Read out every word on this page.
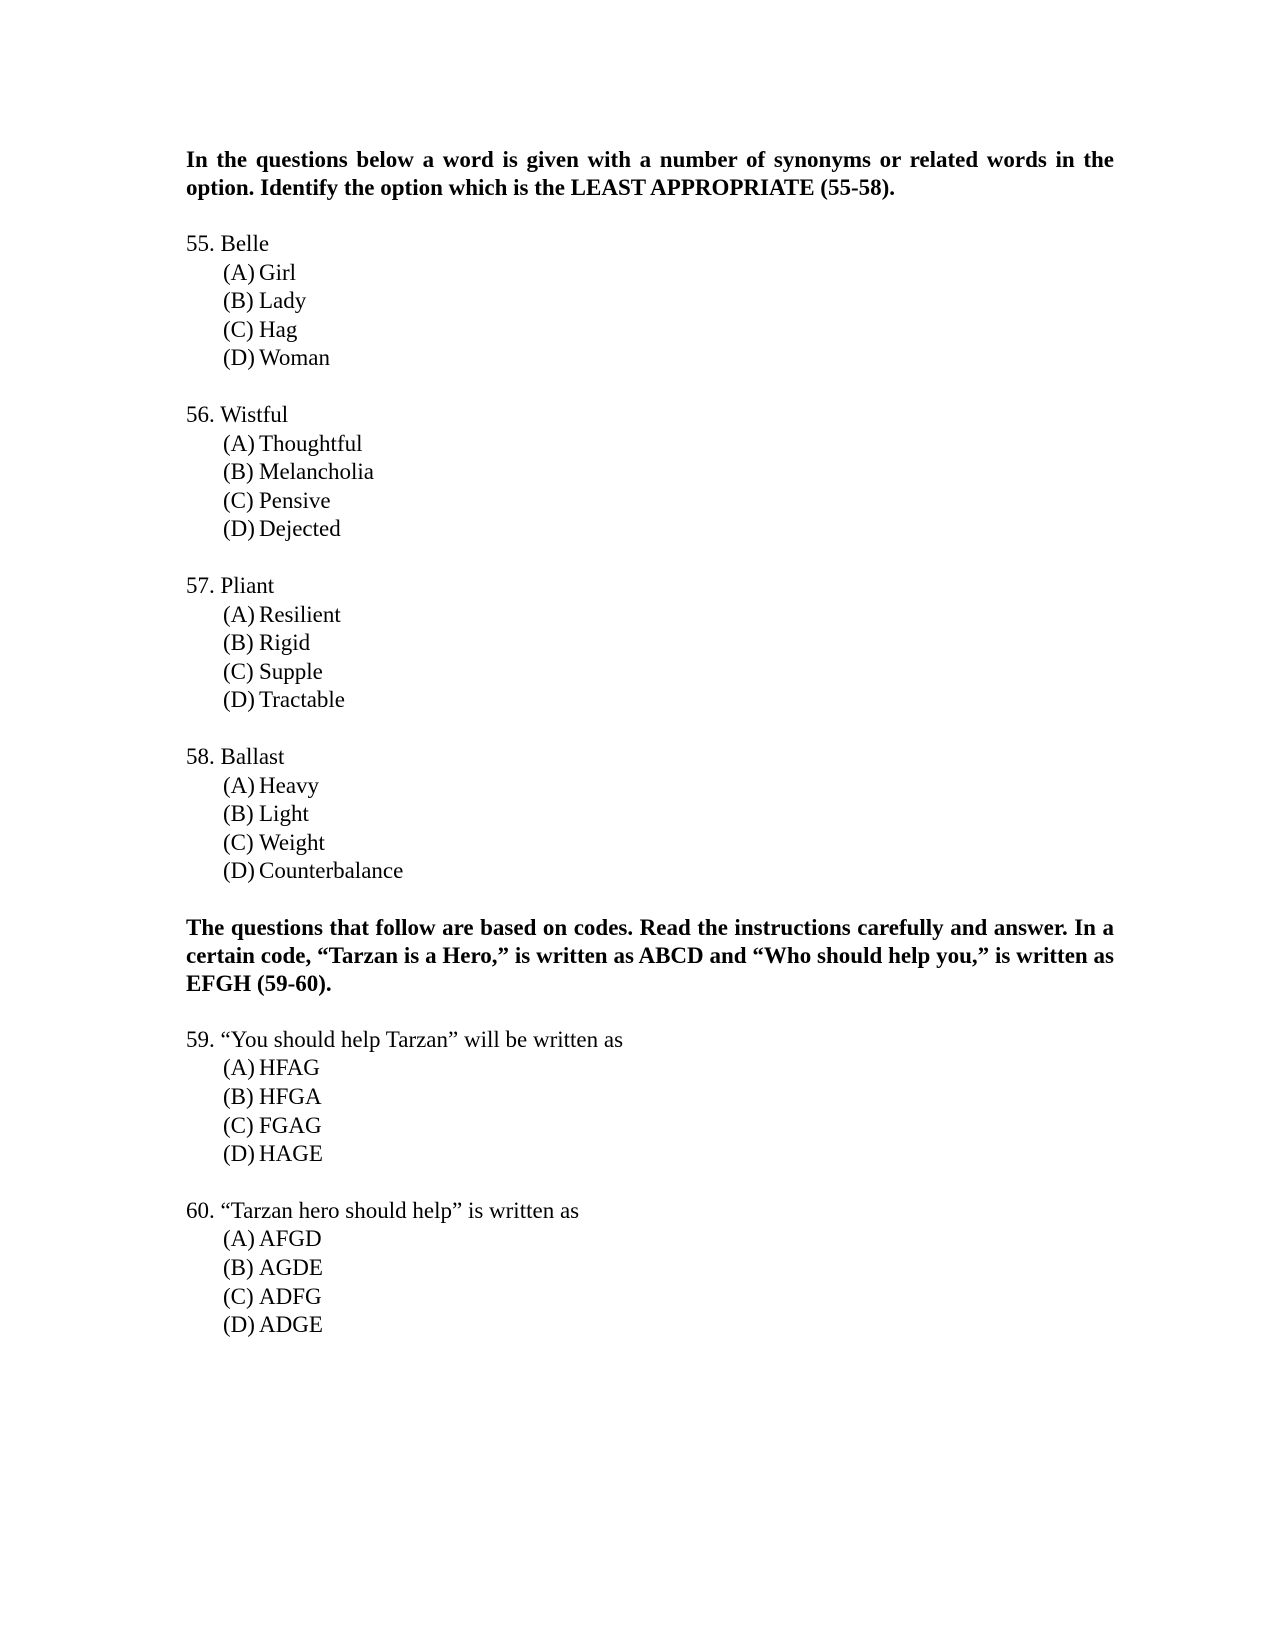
In the questions below a word is given with a number of synonyms or related words in the option. Identify the option which is the LEAST APPROPRIATE (55-58).

55. Belle
(A) Girl
(B) Lady
(C) Hag
(D) Woman
56. Wistful
(A) Thoughtful
(B) Melancholia
(C) Pensive
(D) Dejected
57. Pliant
(A) Resilient
(B) Rigid
(C) Supple
(D) Tractable
58. Ballast
(A) Heavy
(B) Light
(C) Weight
(D) Counterbalance

The questions that follow are based on codes. Read the instructions carefully and answer. In a certain code, “Tarzan is a Hero,” is written as ABCD and “Who should help you,” is written as EFGH (59-60).

59. “You should help Tarzan” will be written as
(A) HFAG
(B) HFGA
(C) FGAG
(D) HAGE
60. “Tarzan hero should help” is written as
(A) AFGD
(B) AGDE
(C) ADFG
(D) ADGE
